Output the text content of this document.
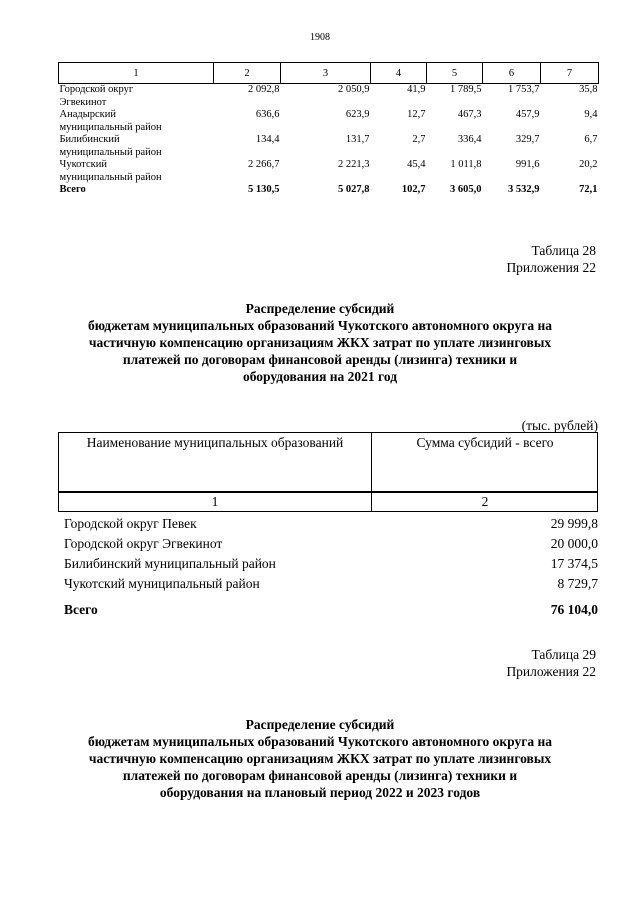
1908
1	2	3	4	5	6	7
Городской округ
Эгвекинот	2 092,8	2 050,9	41,9	1 789,5	1 753,7	35,8
Анадырский
муниципальный район	636,6	623,9	12,7	467,3	457,9	9,4
Билибинский
муниципальный район	134,4	131,7	2,7	336,4	329,7	6,7
Чукотский
муниципальный район	2 266,7	2 221,3	45,4	1 011,8	991,6	20,2
Всего	5 130,5	5 027,8	102,7	3 605,0	3 532,9	72,1
Таблица 28
Приложения 22
Распределение субсидий
бюджетам муниципальных образований Чукотского автономного округа на
частичную компенсацию организациям ЖКХ затрат по уплате лизинговых
платежей по договорам финансовой аренды (лизинга) техники и
оборудования на 2021 год
(тыс. рублей)
Наименование муниципальных образований	Сумма субсидий - всего
1	2
Городской округ Певек	29 999,8
Городской округ Эгвекинот	20 000,0
Билибинский муниципальный район	17 374,5
Чукотский муниципальный район	8 729,7
Всего	76 104,0
Таблица 29
Приложения 22
Распределение субсидий
бюджетам муниципальных образований Чукотского автономного округа на
частичную компенсацию организациям ЖКХ затрат по уплате лизинговых
платежей по договорам финансовой аренды (лизинга) техники и
оборудования на плановый период 2022 и 2023 годов
